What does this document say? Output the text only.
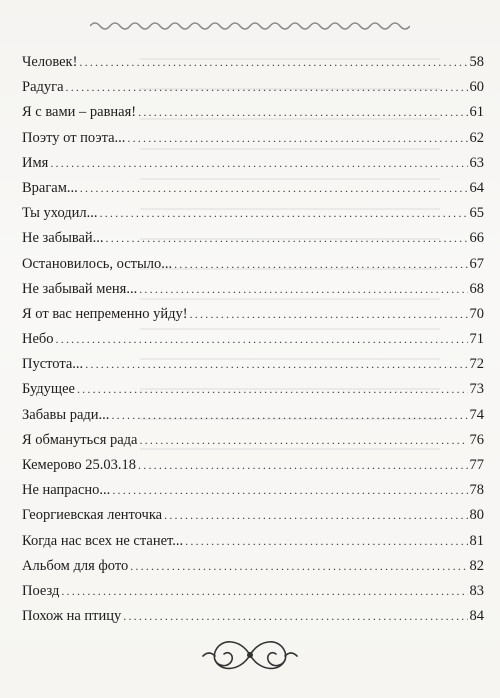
Человек! .....	58
Радуга .....	60
Я с вами – равная! .....	61
Поэту от поэта... .....	62
Имя .....	63
Врагам... .....	64
Ты уходил... .....	65
Не забывай... .....	66
Остановилось, остыло... .....	67
Не забывай меня... .....	68
Я от вас непременно уйду! .....	70
Небо .....	71
Пустота... .....	72
Будущее .....	73
Забавы ради... .....	74
Я обмануться рада .....	76
Кемерово 25.03.18 .....	77
Не напрасно... .....	78
Георгиевская ленточка .....	80
Когда нас всех не станет... .....	81
Альбом для фото .....	82
Поезд .....	83
Похож на птицу .....	84
